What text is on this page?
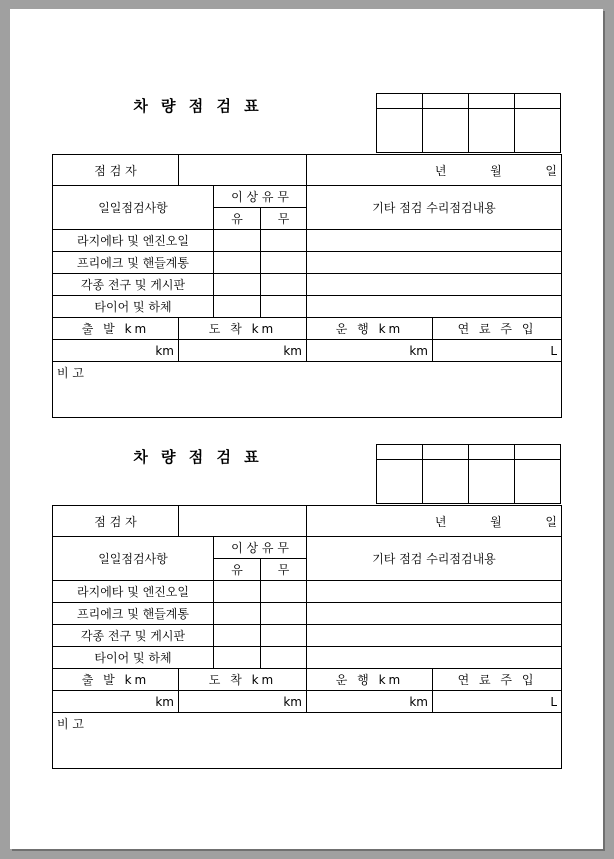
차 량 점 검 표

점 검 자				년 월 일	
일일점검사항		이 상 유 무		기타 점검 수리점검내용	
		유	무		
라지에타 및 엔진오일					
프리에크 및 핸들계통					
각종 전구 및 게시판					
타이어 및 하체					
출 발 km	도 착 km			운 행 km	연 료 주 입
km	km			km	L
비 고					
차 량 점 검 표

점 검 자				년 월 일	
일일점검사항		이 상 유 무		기타 점검 수리점검내용	
		유	무		
라지에타 및 엔진오일					
프리에크 및 핸들계통					
각종 전구 및 게시판					
타이어 및 하체					
출 발 km	도 착 km			운 행 km	연 료 주 입
km	km			km	L
비 고					
